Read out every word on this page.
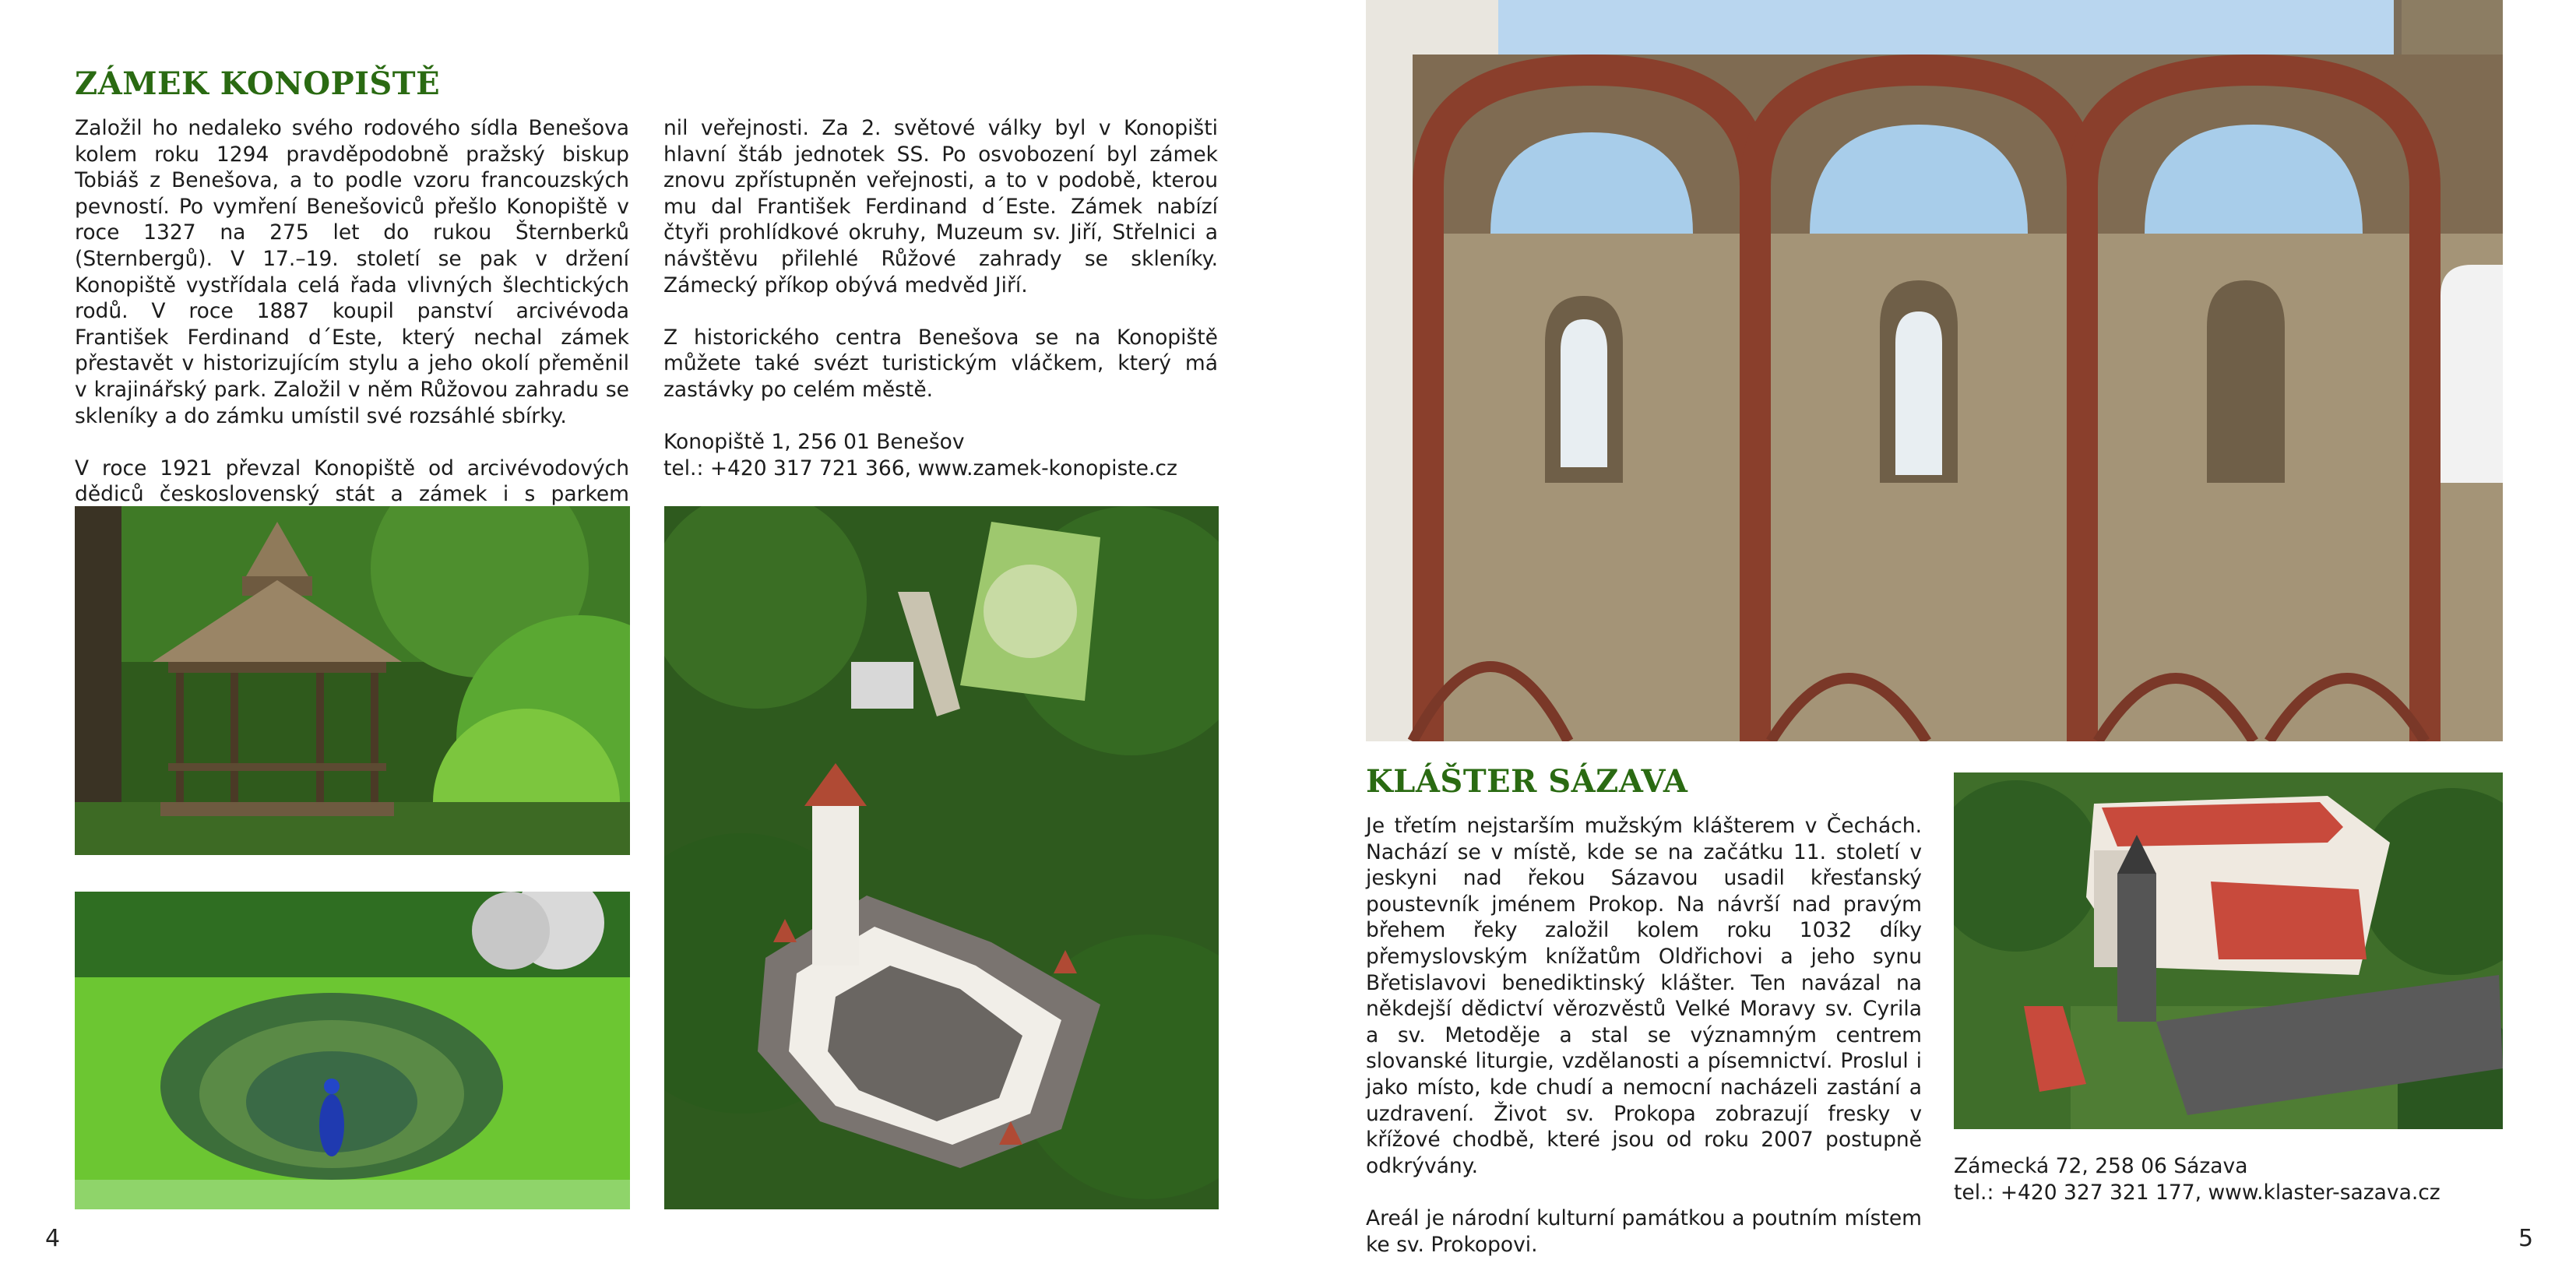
ZÁMEK KONOPIŠTĚ

Založil ho nedaleko svého rodového sídla Benešova kolem roku 1294 pravděpodobně pražský biskup Tobiáš z Benešova, a to podle vzoru francouzských pevností. Po vymření Benešoviců přešlo Konopiště v roce 1327 na 275 let do rukou Šternberků (Sternbergů). V 17.–19. století se pak v držení Konopiště vystřídala celá řada vlivných šlechtických rodů. V roce 1887 koupil panství arcivévoda František Ferdinand d´Este, který nechal zámek přestavět v historizujícím stylu a jeho okolí přeměnil v krajinářský park. Založil v něm Růžovou zahradu se skleníky a do zámku umístil své rozsáhlé sbírky.

V roce 1921 převzal Konopiště od arcivévodových dědiců československý stát a zámek i s parkem

nil veřejnosti. Za 2. světové války byl v Konopišti hlavní štáb jednotek SS. Po osvobození byl zámek znovu zpřístupněn veřejnosti, a to v podobě, kterou mu dal František Ferdinand d´Este. Zámek nabízí čtyři prohlídkové okruhy, Muzeum sv. Jiří, Střelnici a návštěvu přilehlé Růžové zahrady se skleníky. Zámecký příkop obývá medvěd Jiří.

Z historického centra Benešova se na Konopiště můžete také svézt turistickým vláčkem, který má zastávky po celém městě.

Konopiště 1, 256 01 Benešov

tel.: +420 317 721 366, www.zamek-konopiste.cz

4
KLÁŠTER SÁZAVA

Je třetím nejstarším mužským klášterem v Čechách. Nachází se v místě, kde se na začátku 11. století v jeskyni nad řekou Sázavou usadil křesťanský poustevník jménem Prokop. Na návrší nad pravým břehem řeky založil kolem roku 1032 díky přemyslovským knížatům Oldřichovi a jeho synu Břetislavovi benediktinský klášter. Ten navázal na někdejší dědictví věrozvěstů Velké Moravy sv. Cyrila a sv. Metoděje a stal se významným centrem slovanské liturgie, vzdělanosti a písemnictví. Proslul i jako místo, kde chudí a nemocní nacházeli zastání a uzdravení. Život sv. Prokopa zobrazují fresky v křížové chodbě, které jsou od roku 2007 postupně odkrývány.

Areál je národní kulturní památkou a poutním místem ke sv. Prokopovi.

Zámecká 72, 258 06 Sázava

tel.: +420 327 321 177, www.klaster-sazava.cz

5
